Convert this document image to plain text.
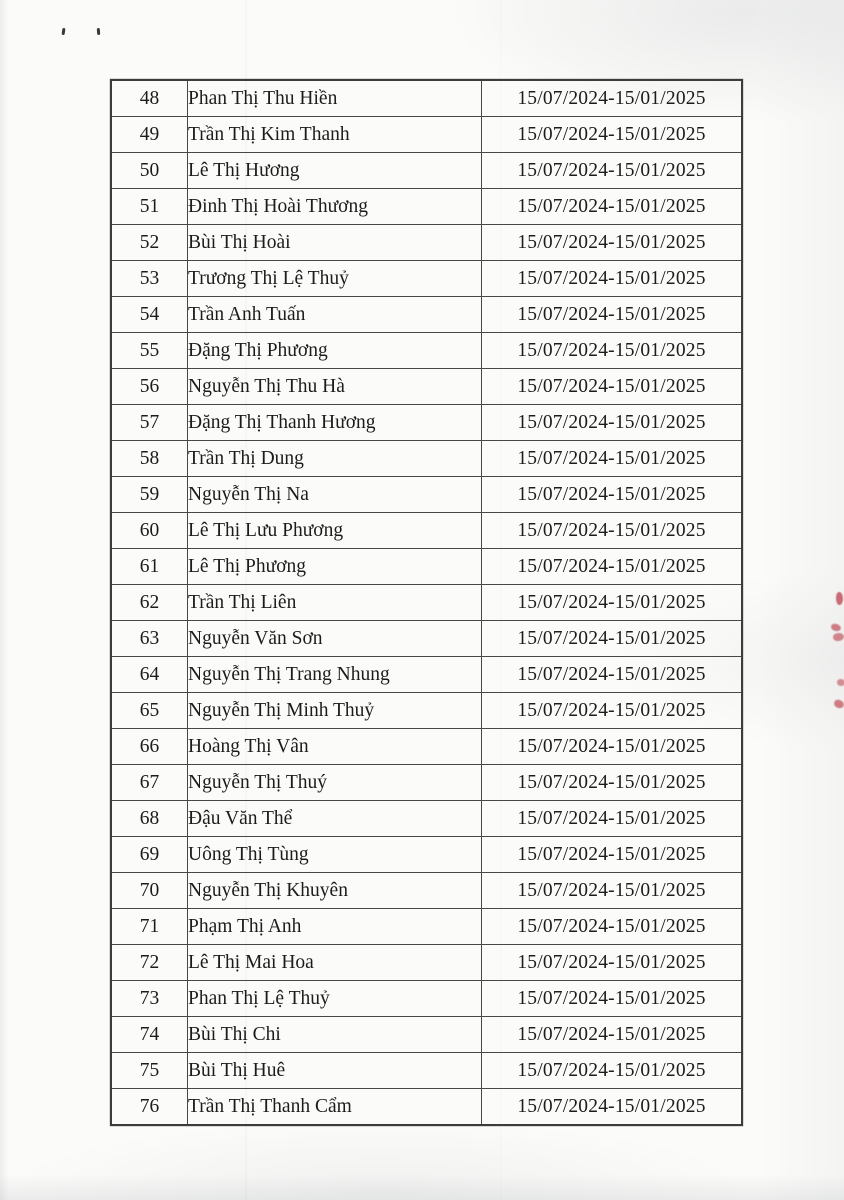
48	Phan Thị Thu Hiền	15/07/2024-15/01/2025
49	Trần Thị Kim Thanh	15/07/2024-15/01/2025
50	Lê Thị Hương	15/07/2024-15/01/2025
51	Đinh Thị Hoài Thương	15/07/2024-15/01/2025
52	Bùi Thị Hoài	15/07/2024-15/01/2025
53	Trương Thị Lệ Thuỷ	15/07/2024-15/01/2025
54	Trần Anh Tuấn	15/07/2024-15/01/2025
55	Đặng Thị Phương	15/07/2024-15/01/2025
56	Nguyễn Thị Thu Hà	15/07/2024-15/01/2025
57	Đặng Thị Thanh Hương	15/07/2024-15/01/2025
58	Trần Thị Dung	15/07/2024-15/01/2025
59	Nguyễn Thị Na	15/07/2024-15/01/2025
60	Lê Thị Lưu Phương	15/07/2024-15/01/2025
61	Lê Thị Phương	15/07/2024-15/01/2025
62	Trần Thị Liên	15/07/2024-15/01/2025
63	Nguyễn Văn Sơn	15/07/2024-15/01/2025
64	Nguyễn Thị Trang Nhung	15/07/2024-15/01/2025
65	Nguyễn Thị Minh Thuỷ	15/07/2024-15/01/2025
66	Hoàng Thị Vân	15/07/2024-15/01/2025
67	Nguyễn Thị Thuý	15/07/2024-15/01/2025
68	Đậu Văn Thể	15/07/2024-15/01/2025
69	Uông Thị Tùng	15/07/2024-15/01/2025
70	Nguyễn Thị Khuyên	15/07/2024-15/01/2025
71	Phạm Thị Anh	15/07/2024-15/01/2025
72	Lê Thị Mai Hoa	15/07/2024-15/01/2025
73	Phan Thị Lệ Thuỷ	15/07/2024-15/01/2025
74	Bùi Thị Chi	15/07/2024-15/01/2025
75	Bùi Thị Huê	15/07/2024-15/01/2025
76	Trần Thị Thanh Cẩm	15/07/2024-15/01/2025
